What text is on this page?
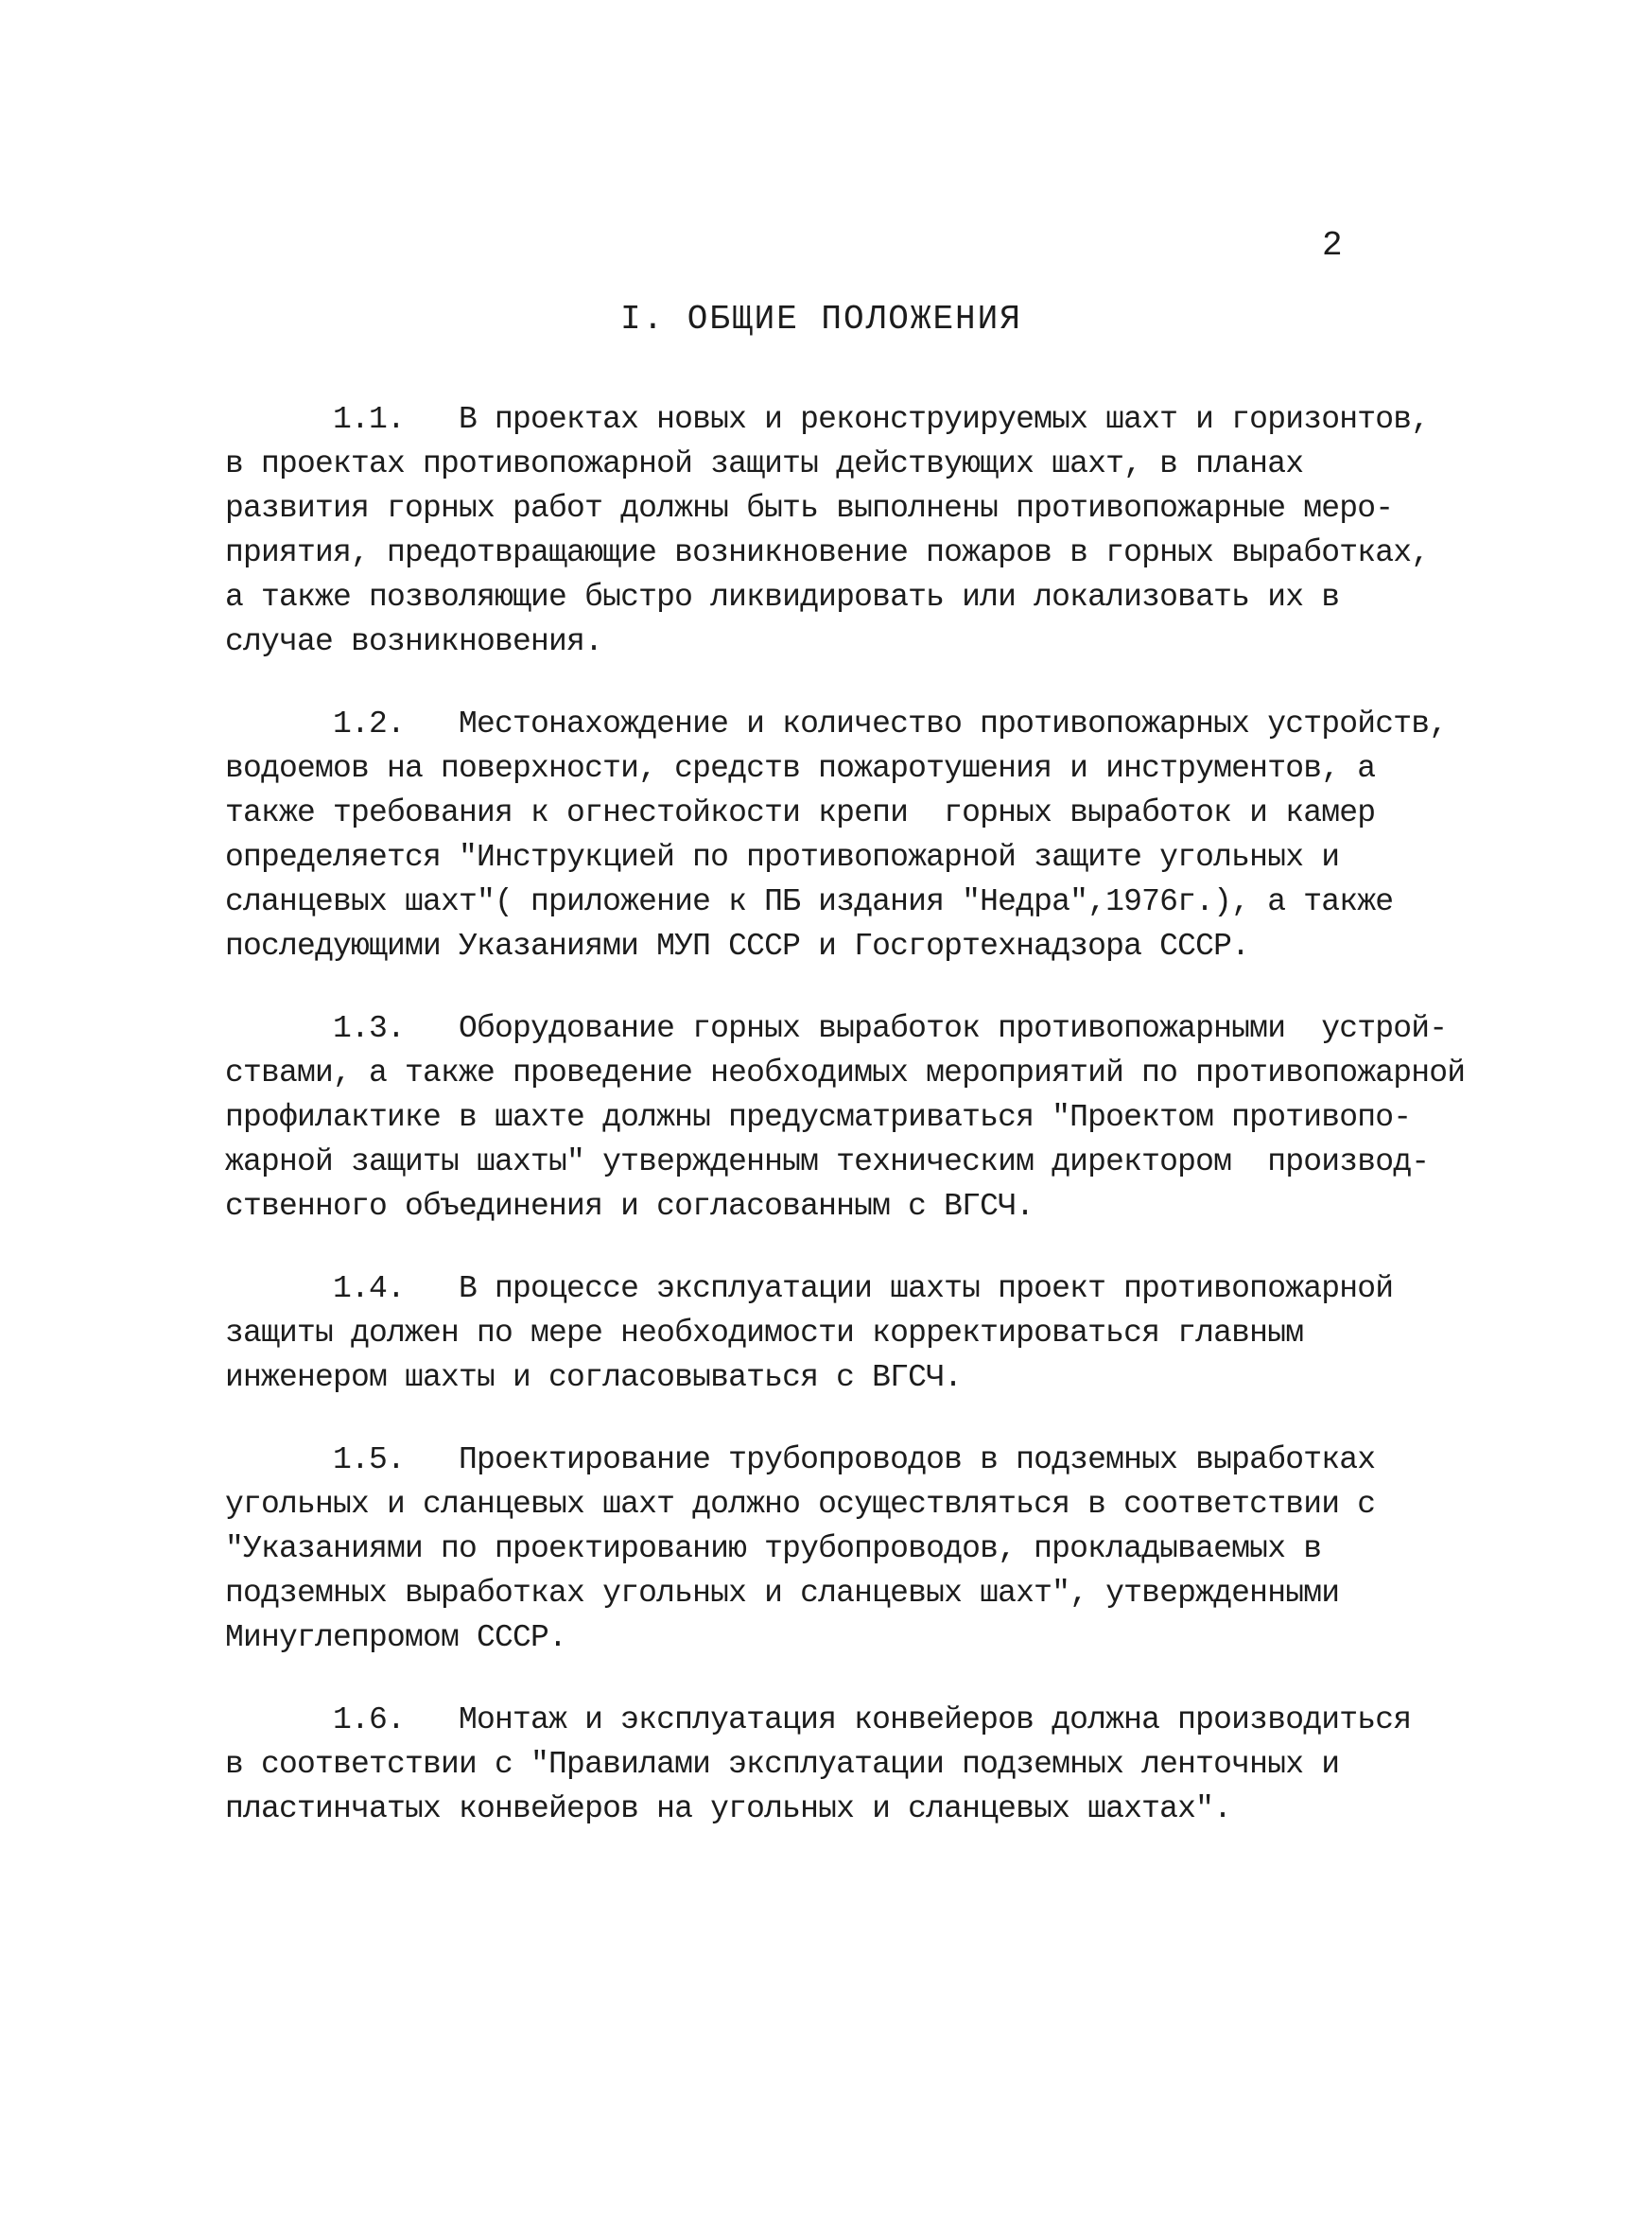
2
I. ОБЩИЕ ПОЛОЖЕНИЯ
1.1.   В проектах новых и реконструируемых шахт и горизонтов,
в проектах противопожарной защиты действующих шахт, в планах
развития горных работ должны быть выполнены противопожарные меро-
приятия, предотвращающие возникновение пожаров в горных выработках,
а также позволяющие быстро ликвидировать или локализовать их в
случае возникновения.
1.2.   Местонахождение и количество противопожарных устройств,
водоемов на поверхности, средств пожаротушения и инструментов, а
также требования к огнестойкости крепи  горных выработок и камер
определяется "Инструкцией по противопожарной защите угольных и
сланцевых шахт"( приложение к ПБ издания "Недра",1976г.), а также
последующими Указаниями МУП СССР и Госгортехнадзора СССР.
1.3.   Оборудование горных выработок противопожарными  устрой-
ствами, а также проведение необходимых мероприятий по противопожарной
профилактике в шахте должны предусматриваться "Проектом противопо-
жарной защиты шахты" утвержденным техническим директором  производ-
ственного объединения и согласованным с ВГСЧ.
1.4.   В процессе эксплуатации шахты проект противопожарной
защиты должен по мере необходимости корректироваться главным
инженером шахты и согласовываться с ВГСЧ.
1.5.   Проектирование трубопроводов в подземных выработках
угольных и сланцевых шахт должно осуществляться в соответствии с
"Указаниями по проектированию трубопроводов, прокладываемых в
подземных выработках угольных и сланцевых шахт", утвержденными
Минуглепромом СССР.
1.6.   Монтаж и эксплуатация конвейеров должна производиться
в соответствии с "Правилами эксплуатации подземных ленточных и
пластинчатых конвейеров на угольных и сланцевых шахтах".
